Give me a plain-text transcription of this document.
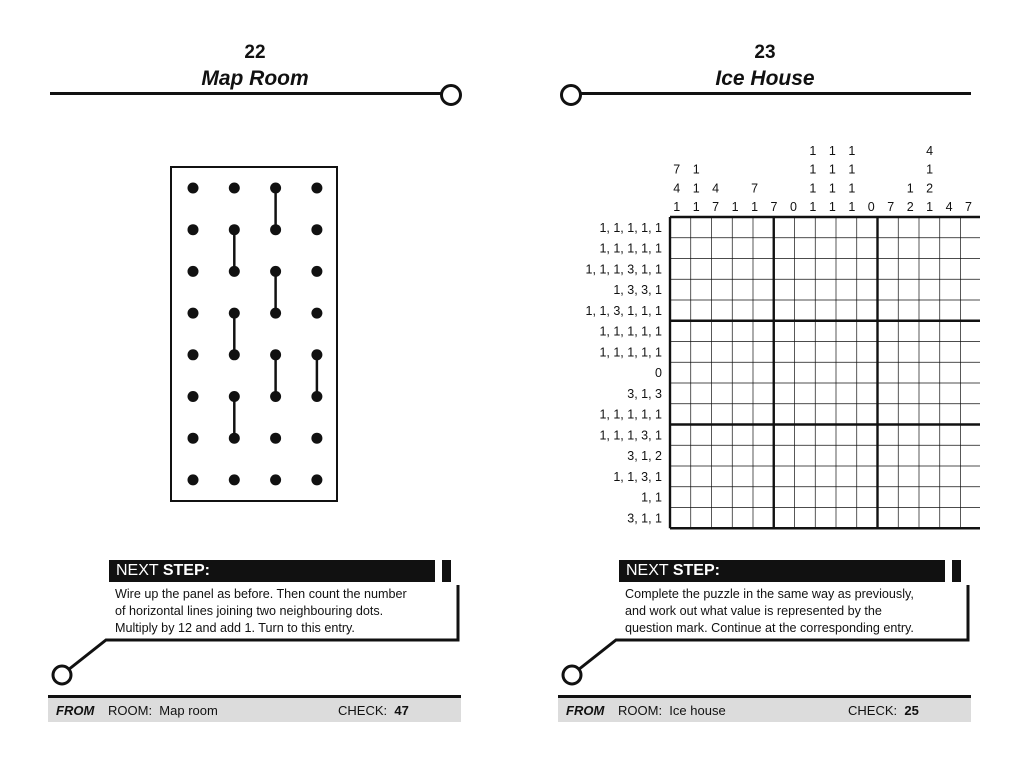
22
Map Room
NEXT STEP:
Wire up the panel as before. Then count the number
of horizontal lines joining two neighbouring dots.
Multiply by 12 and add 1. Turn to this entry.
FROM ROOM: Map room	CHECK: 47
23
Ice House
7
4
1
1
1
1
4
7 1
7
1 7 0
1
1
1
1
1
1
1
1
1
1
1
1 0 7
1
2
4
1
2
1 4 7
1, 1, 1, 1, 1
1, 1, 1, 1, 1
1, 1, 1, 3, 1, 1
1, 3, 3, 1
1, 1, 3, 1, 1, 1
1, 1, 1, 1, 1
1, 1, 1, 1, 1
0
3, 1, 3
1, 1, 1, 1, 1
1, 1, 1, 3, 1
3, 1, 2
1, 1, 3, 1
1, 1
3, 1, 1
NEXT STEP:
Complete the puzzle in the same way as previously,
and work out what value is represented by the
question mark. Continue at the corresponding entry.
FROM ROOM: Ice house	CHECK: 25
